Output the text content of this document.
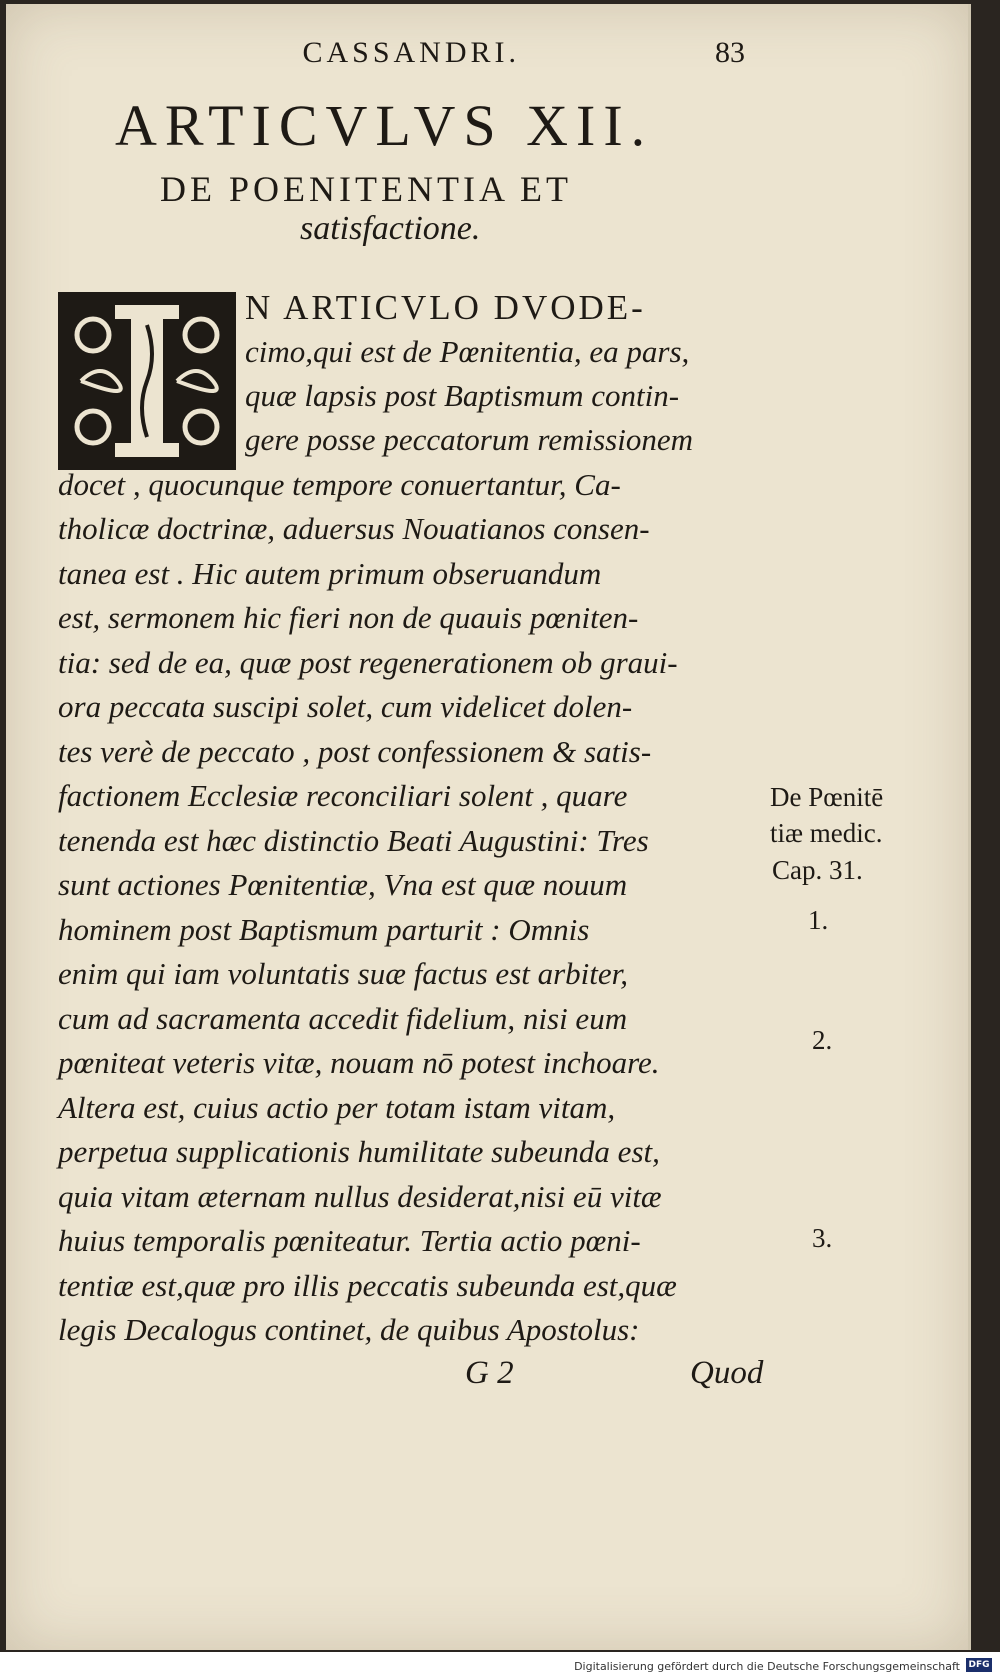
CASSANDRI.	83
ARTICVLVS XII.
DE POENITENTIA ET
satisfactione.
N ARTICVLO DVODE-
cimo,qui est de Pœnitentia, ea pars,
quæ lapsis post Baptismum contin-
gere posse peccatorum remissionem
docet , quocunque tempore conuertantur, Ca-
tholicæ doctrinæ, aduersus Nouatianos consen-
tanea est . Hic autem primum obseruandum
est, sermonem hic fieri non de quauis pœniten-
tia: sed de ea, quæ post regenerationem ob graui-
ora peccata suscipi solet, cum videlicet dolen-
tes verè de peccato , post confessionem & satis-
factionem Ecclesiæ reconciliari solent , quare
tenenda est hæc distinctio Beati Augustini: Tres
sunt actiones Pœnitentiæ, Vna est quæ nouum
hominem post Baptismum parturit : Omnis
enim qui iam voluntatis suæ factus est arbiter,
cum ad sacramenta accedit fidelium, nisi eum
pœniteat veteris vitæ, nouam nō potest inchoare.
Altera est, cuius actio per totam istam vitam,
perpetua supplicationis humilitate subeunda est,
quia vitam æternam nullus desiderat,nisi eū vitæ
huius temporalis pœniteatur. Tertia actio pœni-
tentiæ est,quæ pro illis peccatis subeunda est,quæ
legis Decalogus continet, de quibus Apostolus:
De Pœnitē
tiæ medic.
Cap. 31.
1.
2.
3.
G 2	Quod
Digitalisierung gefördert durch die Deutsche Forschungsgemeinschaft DFG
